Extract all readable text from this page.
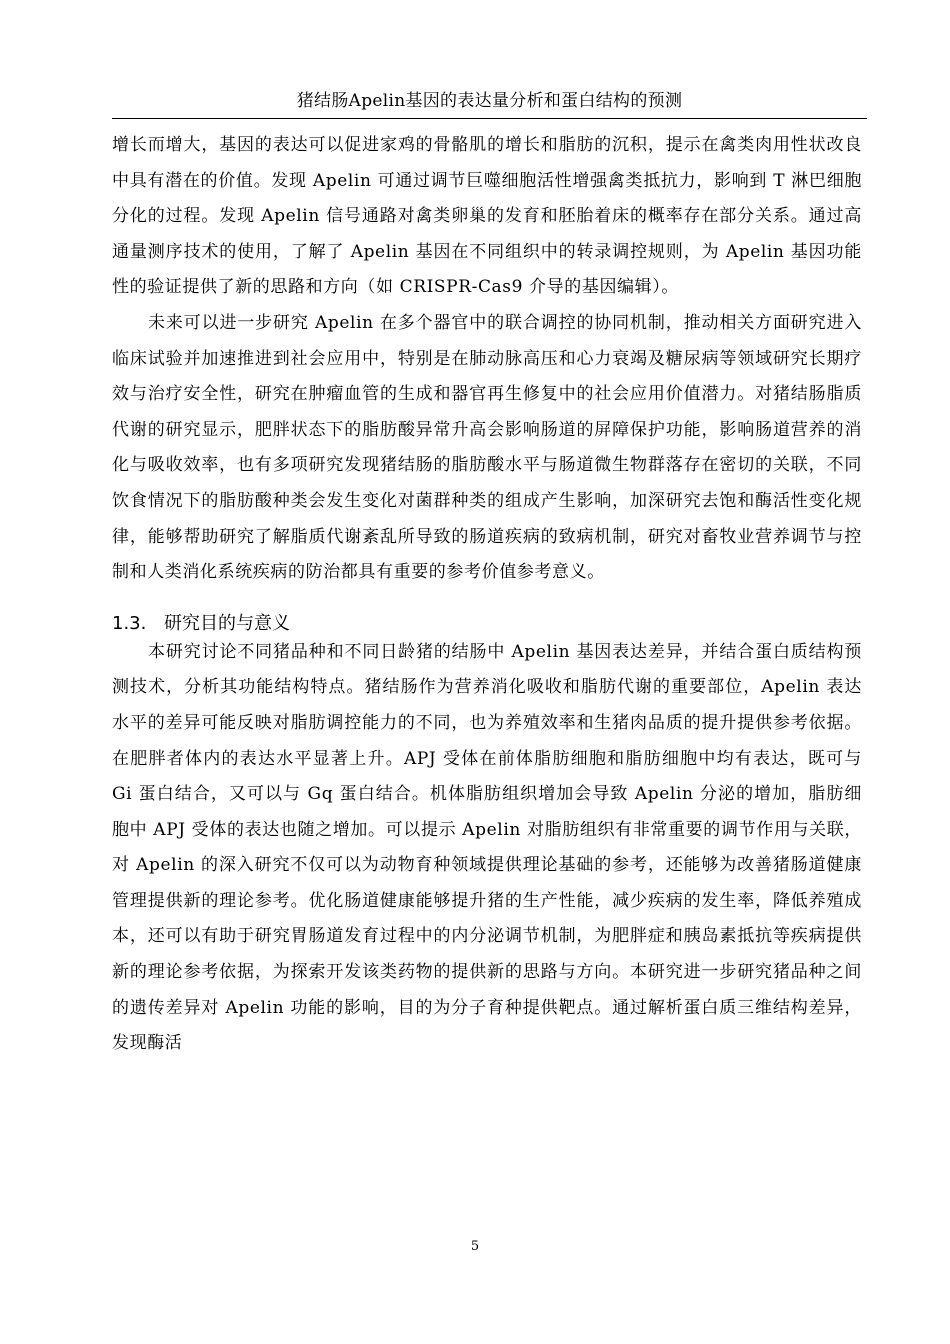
猪结肠Apelin基因的表达量分析和蛋白结构的预测

增长而增大，基因的表达可以促进家鸡的骨骼肌的增长和脂肪的沉积，提示在禽类肉用性状改良中具有潜在的价值。发现 Apelin 可通过调节巨噬细胞活性增强禽类抵抗力，影响到 T 淋巴细胞分化的过程。发现 Apelin 信号通路对禽类卵巢的发育和胚胎着床的概率存在部分关系。通过高通量测序技术的使用，了解了 Apelin 基因在不同组织中的转录调控规则，为 Apelin 基因功能性的验证提供了新的思路和方向（如 CRISPR-Cas9 介导的基因编辑）。

未来可以进一步研究 Apelin 在多个器官中的联合调控的协同机制，推动相关方面研究进入临床试验并加速推进到社会应用中，特别是在肺动脉高压和心力衰竭及糖尿病等领域研究长期疗效与治疗安全性，研究在肿瘤血管的生成和器官再生修复中的社会应用价值潜力。对猪结肠脂质代谢的研究显示，肥胖状态下的脂肪酸异常升高会影响肠道的屏障保护功能，影响肠道营养的消化与吸收效率，也有多项研究发现猪结肠的脂肪酸水平与肠道微生物群落存在密切的关联，不同饮食情况下的脂肪酸种类会发生变化对菌群种类的组成产生影响，加深研究去饱和酶活性变化规律，能够帮助研究了解脂质代谢紊乱所导致的肠道疾病的致病机制，研究对畜牧业营养调节与控制和人类消化系统疾病的防治都具有重要的参考价值参考意义。

1.3. 研究目的与意义

本研究讨论不同猪品种和不同日龄猪的结肠中 Apelin 基因表达差异，并结合蛋白质结构预测技术，分析其功能结构特点。猪结肠作为营养消化吸收和脂肪代谢的重要部位，Apelin 表达水平的差异可能反映对脂肪调控能力的不同，也为养殖效率和生猪肉品质的提升提供参考依据。在肥胖者体内的表达水平显著上升。APJ 受体在前体脂肪细胞和脂肪细胞中均有表达，既可与 Gi 蛋白结合，又可以与 Gq 蛋白结合。机体脂肪组织增加会导致 Apelin 分泌的增加，脂肪细胞中 APJ 受体的表达也随之增加。可以提示 Apelin 对脂肪组织有非常重要的调节作用与关联，对 Apelin 的深入研究不仅可以为动物育种领域提供理论基础的参考，还能够为改善猪肠道健康管理提供新的理论参考。优化肠道健康能够提升猪的生产性能，减少疾病的发生率，降低养殖成本，还可以有助于研究胃肠道发育过程中的内分泌调节机制，为肥胖症和胰岛素抵抗等疾病提供新的理论参考依据，为探索开发该类药物的提供新的思路与方向。本研究进一步研究猪品种之间的遗传差异对 Apelin 功能的影响，目的为分子育种提供靶点。通过解析蛋白质三维结构差异，发现酶活

5
